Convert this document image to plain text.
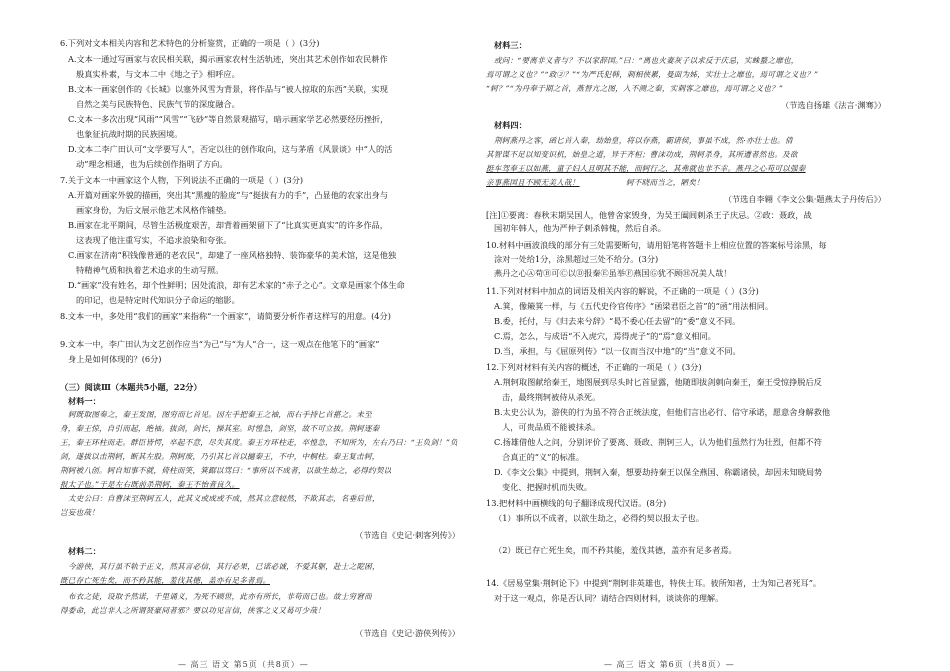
6.下列对文本相关内容和艺术特色的分析鉴赏，正确的一项是（ ）(3分)
A.文本一通过写画家与农民相关联，揭示画家农村生活轨迹，突出其艺术创作如农民耕作
般真实朴素，与文本二中《地之子》相呼应。
B.文本一画家创作的《长城》以塞外风雪为背景，将作品与“被人掠取的东西”关联，实现
自然之美与民族特色、民族气节的深度融合。
C.文本一多次出现“风雨”“风雪”“飞砂”等自然景观描写，暗示画家学艺必然要经历挫折，
也象征抗战时期的民族困境。
D.文本二李广田认可“文学要写人”，否定以往的创作取向，这与茅盾《风景谈》中“人的活
动”理念相通，也为后续创作指明了方向。
7.关于文本一中画家这个人物，下列说法不正确的一项是（ ）(3分)
A.开篇对画家外貌的描画，突出其“黑瘦的脸庞”与“挺拔有力的手”，凸显他的农家出身与
画家身份，为后文展示他艺术风格作铺垫。
B.画家在北平期间，尽管生活极度艰苦，却背着画架留下了“比真实更真实”的许多作品，
这表现了他注重写实，不追求浪染和夸张。
C.画家在济南“积钱像普通的老农民”，却建了一座风格独特、装饰豪华的美术馆，这是他独
特精神气质和执着艺术追求的生动写照。
D.“画家”没有姓名，却个性鲜明；因处流浪，却有艺术家的“赤子之心”。文章是画家个体生命
的印记，也是特定时代知识分子命运的缩影。
8.文本一中，多处用“我们的画家”来指称“一个画家”，请简要分析作者这样写的用意。(4分)
9.文本一中，李广田认为文艺创作应当“为己”与“为人”合一，这一观点在他笔下的“画家”
身上是如何体现的？(6分)
（三）阅读Ⅲ（本题共5小题，22分）
材料一：
轲既取图奏之，秦王发图，图穷而匕首见。因左手把秦王之袖，而右手持匕首揕之。未至
身，秦王惊，自引而起，绝袖。拔剑，剑长，操其室。时惶急，剑坚，故不可立拔。荆轲逐秦
王，秦王环柱而走。群臣皆愕，卒起不意，尽失其度。秦王方环柱走，卒惶急，不知所为，左右乃曰：“王负剑！”负
剑，遂拔以击荆轲，断其左股。荆轲废，乃引其匕首以擿秦王，不中，中桐柱。秦王复击轲，
荆轲被八创。轲自知事不就，倚柱而笑，箕踞以骂曰：“事所以不成者，以欲生劫之，必得约契以
报太子也。”于是左右既前杀荆轲，秦王不怡者良久。
太史公曰：自曹沫至荆轲五人，此其义或成或不成，然其立意较然，不欺其志，名垂后世，
岂妄也哉！
（节选自《史记·刺客列传》）
材料二：
今游侠，其行虽不轨于正义，然其言必信，其行必果，已诺必诚，不爱其躯，赴士之阸困，
既已存亡死生矣，而不矜其能，羞伐其德，盖亦有足多者焉。
布衣之徒，设取予然诺，千里诵义，为死不顾世，此亦有所长，非苟而已也。故士穷窘而
得委命，此岂非人之所谓贤豪间者邪？要以功见言信，侠客之义又曷可少哉！
（节选自《史记·游侠列传》）
— 高三 语文 第5页（共8页）—
材料三：
或问：“要离非义者与？不以家辞国。”曰：“离也火妻灰子以求反于庆忌，实蛛蝥之靡也，
焉可谓之义也？”“政②？”“为严氏犯韩，刺相侠累，曼面为姊，实壮士之靡也，焉可谓之义也？”
“轲？”“为丹奉于期之首，燕督亢之图，入不测之秦，实刺客之靡也，焉可谓之义也？”
（节选自扬雄《法言·渊骞》）
材料四：
荆轲燕丹之客，函匕首入秦，劫始皇，将以存燕，霸诸侯，事虽不成，然·亦壮士也。倩
其智谋不足以知变识机，始皇之道，异于齐桓；曹沫功成，荆轲杀身，其所遭者然也。及欲
挺车驾奉王以如燕，童子妇人且明其不能，而轲行之，其弗就也非不幸。燕丹之心苟可以强秦
亲事燕国且不顾无美人哉！	轲不晓而当之，陋矣！
（节选自李翱《李文公集·题燕太子丹传后》）
[注]①要离：春秋末期吴国人，他曾舍家毁身，为吴王阖闾刺杀王子庆忌。②政：聂政，战
国初年韩人，他为严仲子刺杀韩傀，然后自杀。
10.材料中画波浪线的部分有三处需要断句，请用铅笔将答题卡上相应位置的答案标号涂黑，每
涂对一处给1分，涂黑超过三处不给分。(3分)
燕丹之心Ⓐ苟Ⓑ可Ⓒ以Ⓓ报秦Ⓔ虽举Ⓕ燕国Ⓖ犹不顾Ⓗ况美人哉！
11.下列对材料中加点的词语及相关内容的解说，不正确的一项是（ ）(3分)
A.箕，像簸箕一样，与《五代史伶官传序》“函梁君臣之首”的“函”用法相同。
B.委，托付，与《归去来兮辞》“曷不委心任去留”的“委”意义不同。
C.焉，怎么，与成语“不入虎穴，焉得虎子”的“焉”意义相同。
D.当，承担，与《屈原列传》“以一仪而当汉中地”的“当”意义不同。
12.下列对材料有关内容的概述，不正确的一项是（ ）(3分)
A.荆轲取图献给秦王，地图展到尽头时匕首显露，他随即拔剑刺向秦王，秦王受惊挣脱后反
击，最终荆轲被侍从杀死。
B.太史公认为，游侠的行为虽不符合正统法度，但他们言出必行、信守承诺，愿意舍身解救他
人，可贵品质不能被抹杀。
C.扬雄借他人之问，分别评价了要离、聂政、荆轲三人，认为他们虽然行为壮烈，但都不符
合真正的“义”的标准。
D.《李文公集》中提到，荆轲入秦，想要劫持秦王以保全燕国、称霸诸侯，却因未知晓局势
变化、把握时机而失败。
13.把材料中画横线的句子翻译成现代汉语。(8分)
（1）事所以不成者，以欲生劫之，必得约契以报太子也。
（2）既已存亡死生矣，而不矜其能，羞伐其德，盖亦有足多者焉。
14.《居易堂集·荆轲论下》中提到“荆轲非英雄也，特侠士耳。彼所知者，士为知己者死耳”。
对于这一观点，你是否认同？请结合四则材料，谈谈你的理解。
— 高三 语文 第6页（共8页）—
